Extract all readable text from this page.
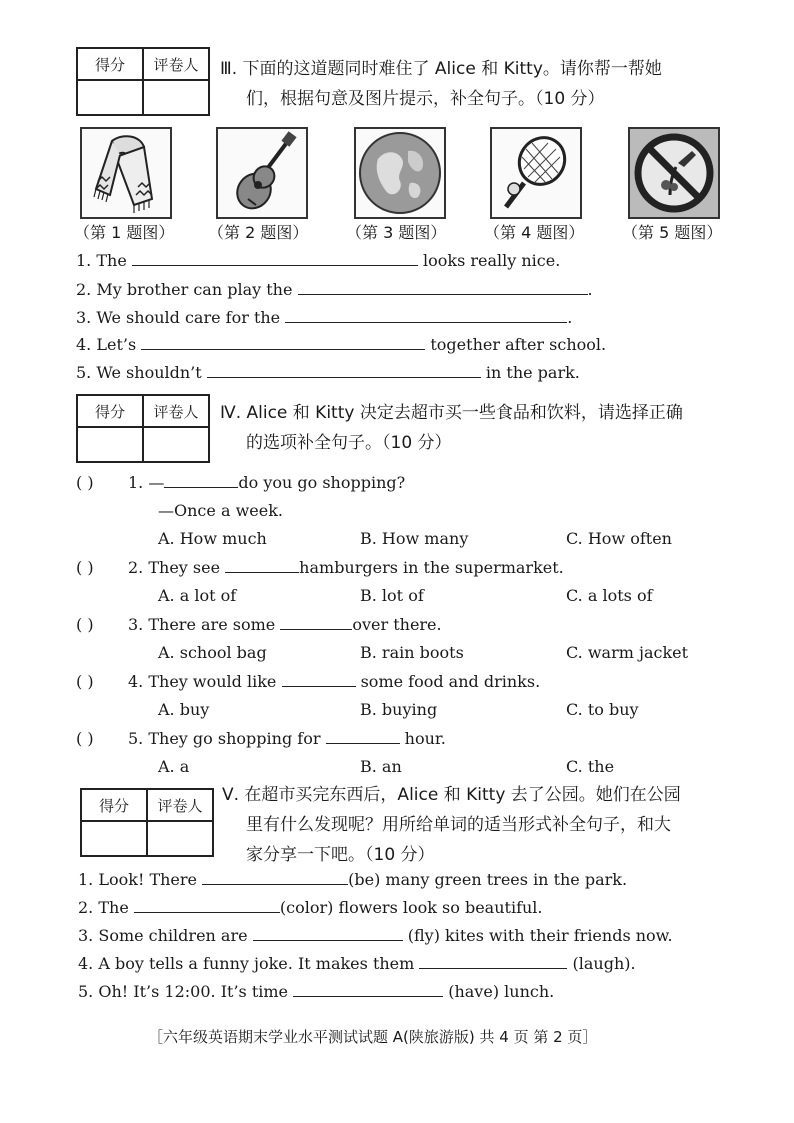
得分	评卷人
	Ⅲ. 下面的这道题同时难住了 Alice 和 Kitty。请你帮一帮她
们，根据句意及图片提示，补全句子。（10 分）
（第 1 题图） （第 2 题图） （第 3 题图） （第 4 题图） （第 5 题图）
1. The	looks really nice.
2. My brother can play the	.
3. We should care for the	.
4. Let’s	together after school.
5. We shouldn’t	in the park.
得分	评卷人
	Ⅳ. Alice 和 Kitty 决定去超市买一些食品和饮料，请选择正确
的选项补全句子。（10 分）
( ) 1. —	do you go shopping?
—Once a week.
A. How much	B. How many	C. How often
( ) 2. They see	hamburgers in the supermarket.
A. a lot of	B. lot of	C. a lots of
( ) 3. There are some	over there.
A. school bag	B. rain boots	C. warm jacket
( ) 4. They would like	some food and drinks.
A. buy	B. buying	C. to buy
( ) 5. They go shopping for	hour.
A. a	B. an	C. the
得分	评卷人

Ⅴ. 在超市买完东西后，Alice 和 Kitty 去了公园。她们在公园
里有什么发现呢？用所给单词的适当形式补全句子，和大
家分享一下吧。（10 分）
1. Look! There	(be) many green trees in the park.
2. The	(color) flowers look so beautiful.
3. Some children are	(fly) kites with their friends now.
4. A boy tells a funny joke. It makes them	(laugh).
5. Oh! It’s 12:00. It’s time	(have) lunch.
［六年级英语期末学业水平测试试题 A(陕旅游版) 共 4 页 第 2 页］
